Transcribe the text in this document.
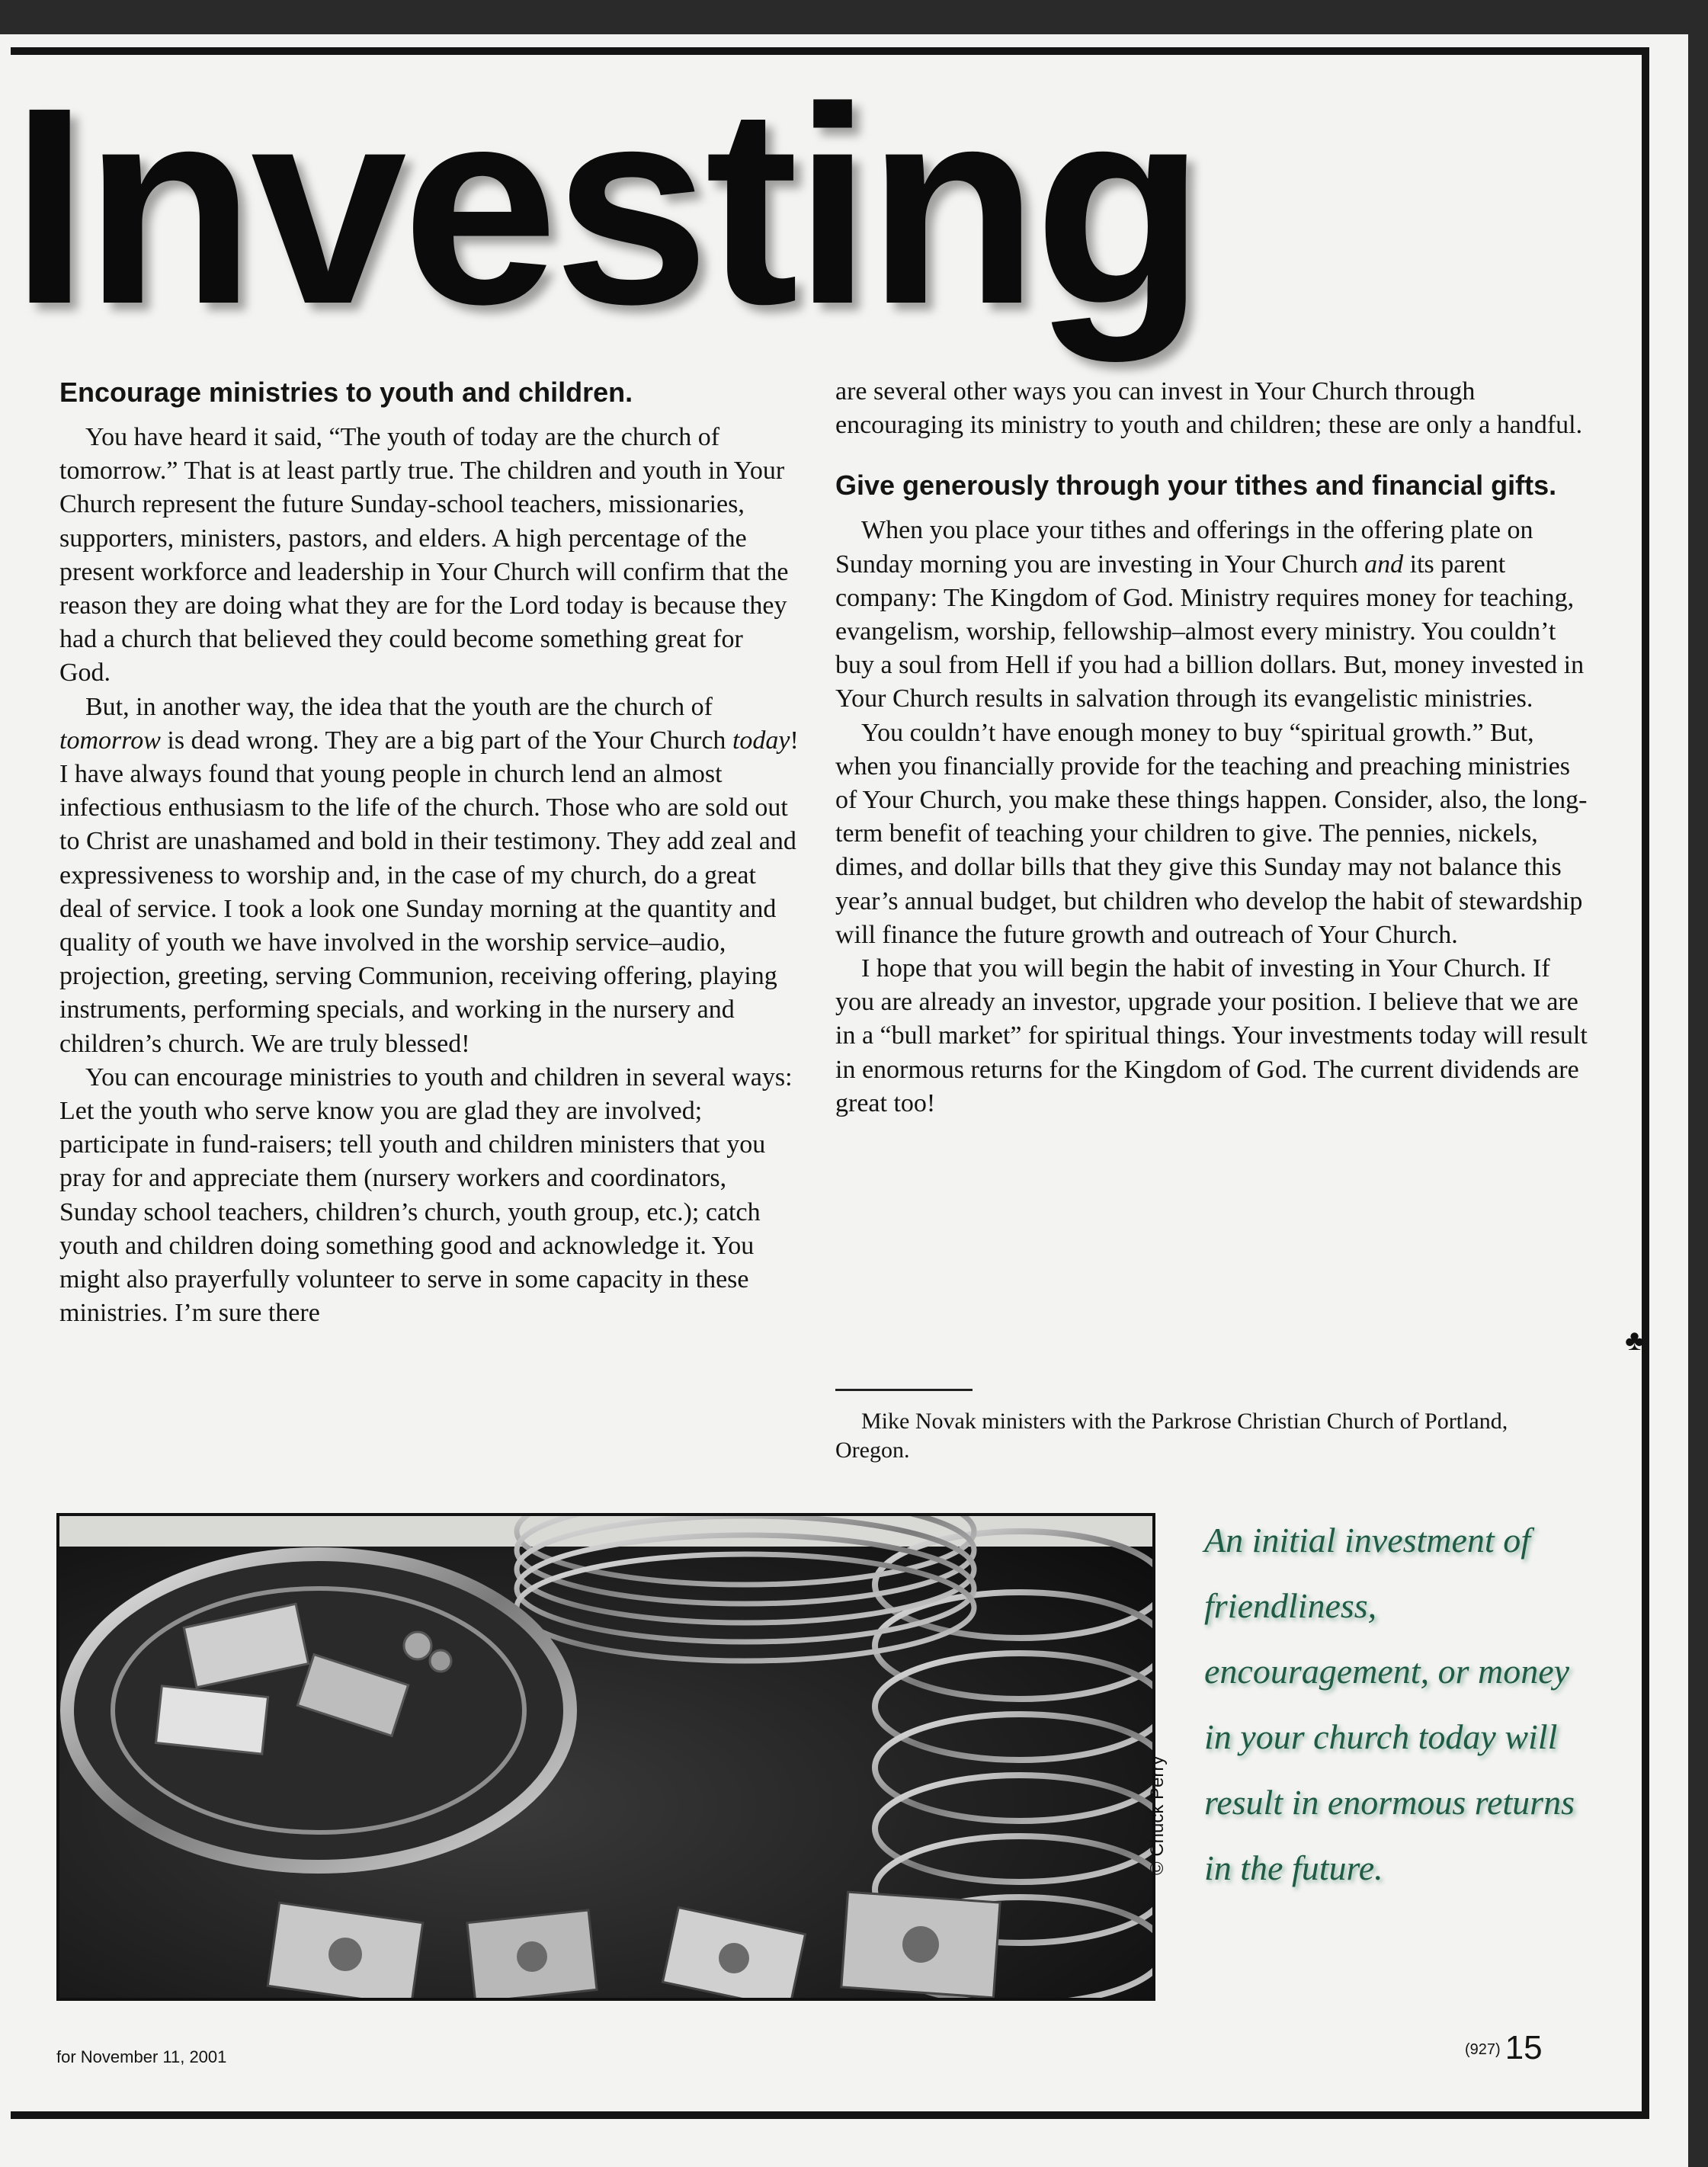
Investing
Encourage ministries to youth and children.

You have heard it said, “The youth of today are the church of tomorrow.” That is at least partly true. The children and youth in Your Church represent the future Sunday-school teachers, missionaries, supporters, ministers, pastors, and elders. A high percentage of the present workforce and leadership in Your Church will confirm that the reason they are doing what they are for the Lord today is because they had a church that believed they could become something great for God.

But, in another way, the idea that the youth are the church of tomorrow is dead wrong. They are a big part of the Your Church today! I have always found that young people in church lend an almost infectious enthusiasm to the life of the church. Those who are sold out to Christ are unashamed and bold in their testimony. They add zeal and expressiveness to worship and, in the case of my church, do a great deal of service. I took a look one Sunday morning at the quantity and quality of youth we have involved in the worship service–audio, projection, greeting, serving Communion, receiving offering, playing instruments, performing specials, and working in the nursery and children’s church. We are truly blessed!

You can encourage ministries to youth and children in several ways: Let the youth who serve know you are glad they are involved; participate in fund-raisers; tell youth and children ministers that you pray for and appreciate them (nursery workers and coordinators, Sunday school teachers, children’s church, youth group, etc.); catch youth and children doing something good and acknowledge it. You might also prayerfully volunteer to serve in some capacity in these ministries. I’m sure there

are several other ways you can invest in Your Church through encouraging its ministry to youth and children; these are only a handful.

Give generously through your tithes and financial gifts.

When you place your tithes and offerings in the offering plate on Sunday morning you are investing in Your Church and its parent company: The Kingdom of God. Ministry requires money for teaching, evangelism, worship, fellowship–almost every ministry. You couldn’t buy a soul from Hell if you had a billion dollars. But, money invested in Your Church results in salvation through its evangelistic ministries.

You couldn’t have enough money to buy “spiritual growth.” But, when you financially provide for the teaching and preaching ministries of Your Church, you make these things happen. Consider, also, the long-term benefit of teaching your children to give. The pennies, nickels, dimes, and dollar bills that they give this Sunday may not balance this year’s annual budget, but children who develop the habit of stewardship will finance the future growth and outreach of Your Church.

I hope that you will begin the habit of investing in Your Church. If you are already an investor, upgrade your position. I believe that we are in a “bull market” for spiritual things. Your investments today will result in enormous returns for the Kingdom of God. The current dividends are great too!

♣
Mike Novak ministers with the Parkrose Christian Church of Portland, Oregon.
© Chuck Perry
An initial investment of friendliness, encouragement, or money in your church today will result in enormous returns in the future.
for November 11, 2001	(927) 15
